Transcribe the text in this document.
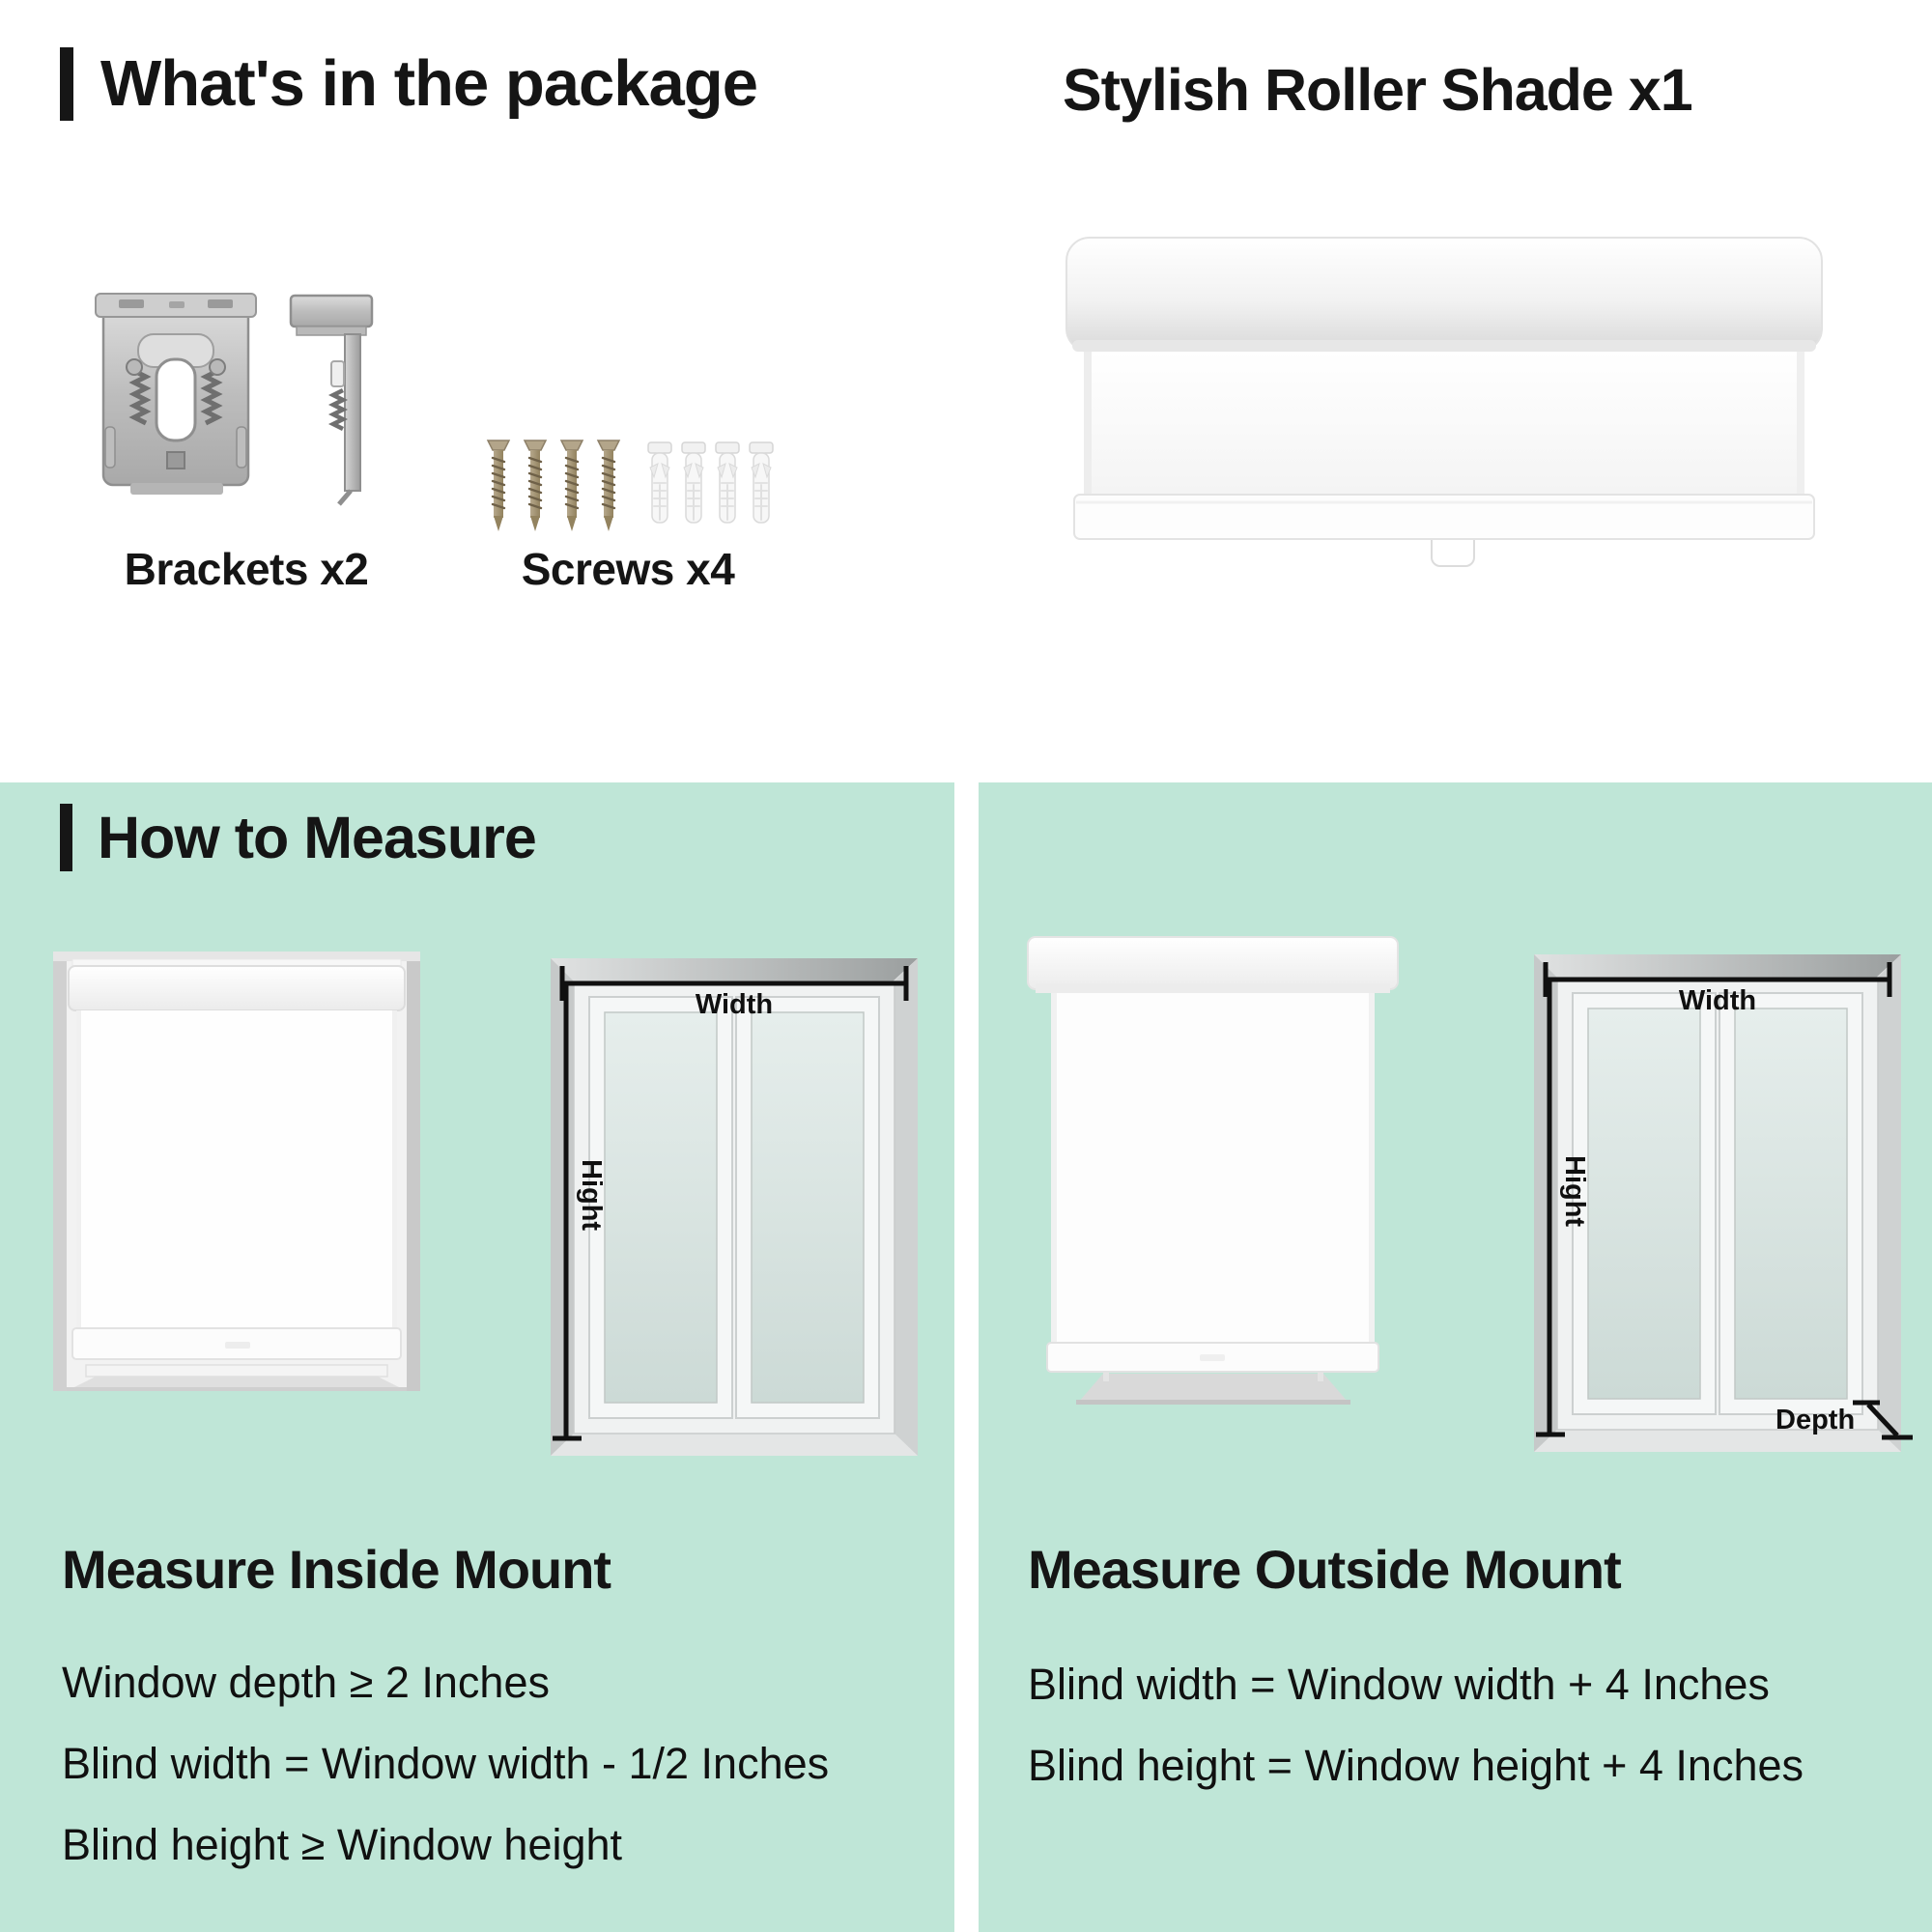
What's in the package	Stylish Roller Shade x1
Brackets x2	Screws x4
How to Measure
Width
Hight
Width
Hight
Depth
Measure Inside Mount
Window depth ≥ 2 Inches
Blind width = Window width - 1/2 Inches
Blind height ≥ Window height
Measure Outside Mount
Blind width = Window width + 4 Inches
Blind height = Window height + 4 Inches
